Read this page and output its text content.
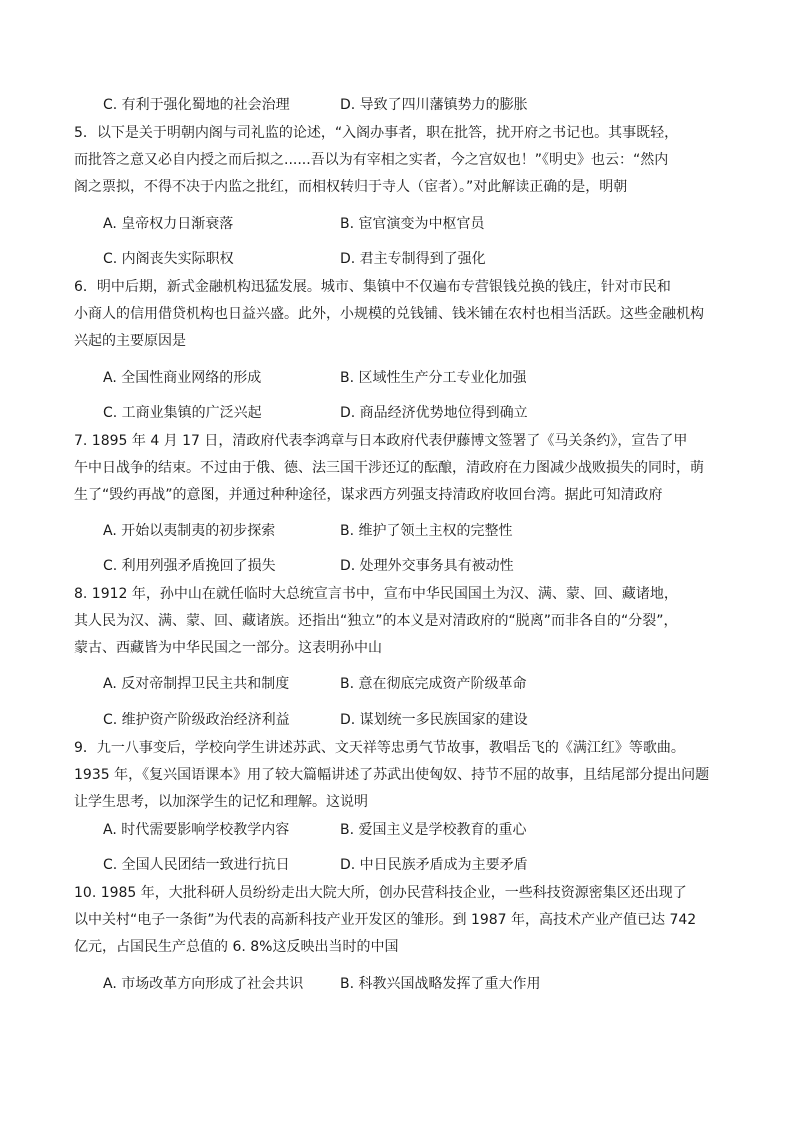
C. 有利于强化蜀地的社会治理	D. 导致了四川藩镇势力的膨胀
5．以下是关于明朝内阁与司礼监的论述，“入阁办事者，职在批答，扰开府之书记也。其事既轻，
而批答之意又必自内授之而后拟之......吾以为有宰相之实者，今之宫奴也！”《明史》也云：“然内
阁之票拟，不得不决于内监之批红，而相权转归于寺人（宦者）。”对此解读正确的是，明朝
A. 皇帝权力日渐衰落	B. 宦官演变为中枢官员
C. 内阁丧失实际职权	D. 君主专制得到了强化
6．明中后期，新式金融机构迅猛发展。城市、集镇中不仅遍布专营银钱兑换的钱庄，针对市民和
小商人的信用借贷机构也日益兴盛。此外，小规模的兑钱铺、钱米铺在农村也相当活跃。这些金融机构
兴起的主要原因是
A. 全国性商业网络的形成	B. 区域性生产分工专业化加强
C. 工商业集镇的广泛兴起	D. 商品经济优势地位得到确立
7. 1895 年 4 月 17 日，清政府代表李鸿章与日本政府代表伊藤博文签署了《马关条约》，宣告了甲
午中日战争的结束。不过由于俄、德、法三国干涉还辽的酝酿，清政府在力图减少战败损失的同时，萌
生了“毁约再战”的意图，并通过种种途径，谋求西方列强支持清政府收回台湾。据此可知清政府
A. 开始以夷制夷的初步探索	B. 维护了领土主权的完整性
C. 利用列强矛盾挽回了损失	D. 处理外交事务具有被动性
8. 1912 年，孙中山在就任临时大总统宣言书中，宣布中华民国国土为汉、满、蒙、回、藏诸地，
其人民为汉、满、蒙、回、藏诸族。还指出“独立”的本义是对清政府的“脱离”而非各自的“分裂”，
蒙古、西藏皆为中华民国之一部分。这表明孙中山
A. 反对帝制捍卫民主共和制度	B. 意在彻底完成资产阶级革命
C. 维护资产阶级政治经济利益	D. 谋划统一多民族国家的建设
9．九一八事变后，学校向学生讲述苏武、文天祥等忠勇气节故事，教唱岳飞的《满江红》等歌曲。
1935 年，《复兴国语课本》用了较大篇幅讲述了苏武出使匈奴、持节不屈的故事，且结尾部分提出问题
让学生思考，以加深学生的记忆和理解。这说明
A. 时代需要影响学校教学内容	B. 爱国主义是学校教育的重心
C. 全国人民团结一致进行抗日	D. 中日民族矛盾成为主要矛盾
10. 1985 年，大批科研人员纷纷走出大院大所，创办民营科技企业，一些科技资源密集区还出现了
以中关村“电子一条街”为代表的高新科技产业开发区的雏形。到 1987 年，高技术产业产值已达 742
亿元，占国民生产总值的 6. 8%这反映出当时的中国
A. 市场改革方向形成了社会共识	B. 科教兴国战略发挥了重大作用
